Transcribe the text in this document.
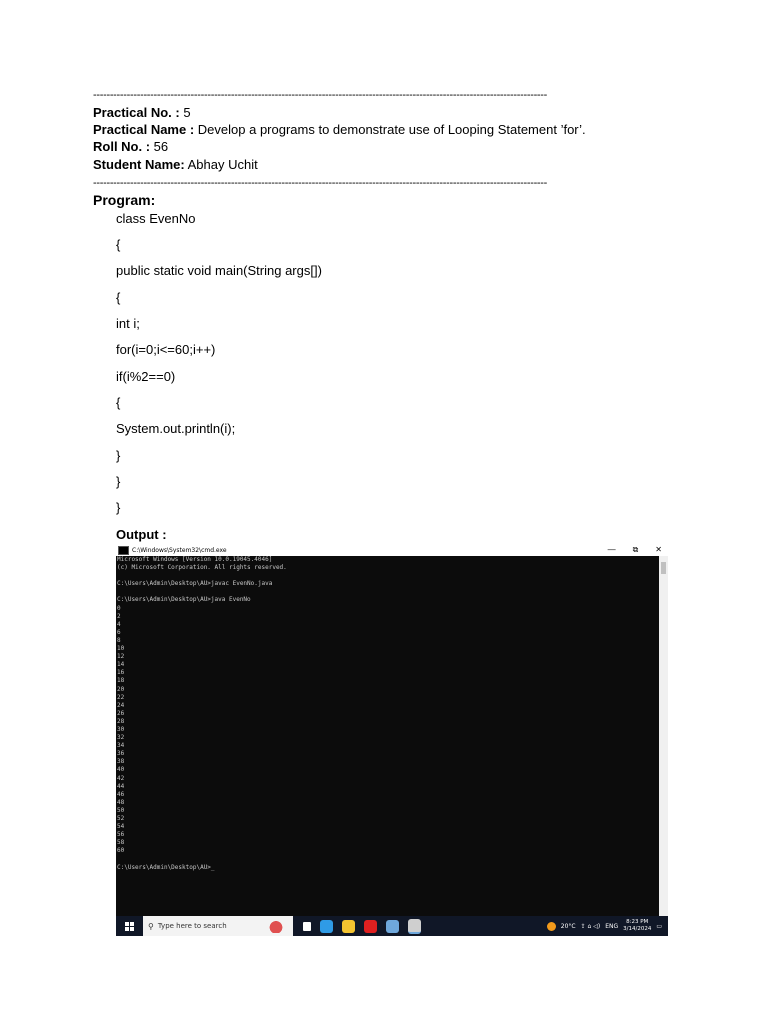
---------------------------------------------------------------------------------------------------------------------------------------
Practical No. : 5
Practical Name : Develop a programs to demonstrate use of Looping Statement ’for’.
Roll No. : 56
Student Name: Abhay Uchit
---------------------------------------------------------------------------------------------------------------------------------------
Program:
class EvenNo
{
public static void main(String args[])
{
int i;
for(i=0;i<=60;i++)
if(i%2==0)
{
System.out.println(i);
}
}
}
Output :
C:\Windows\System32\cmd.exe	— ⧉ ✕
Microsoft Windows [Version 10.0.19045.4046]
(c) Microsoft Corporation. All rights reserved.

C:\Users\Admin\Desktop\AU>javac EvenNo.java

C:\Users\Admin\Desktop\AU>java EvenNo
0
2
4
6
8
10
12
14
16
18
20
22
24
26
28
30
32
34
36
38
40
42
44
46
48
50
52
54
56
58
60

C:\Users\Admin\Desktop\AU>_
⚲ Type here to search	20°C ⇪ ⌂ ◁) ENG
8:23 PM
3/14/2024 ▭
